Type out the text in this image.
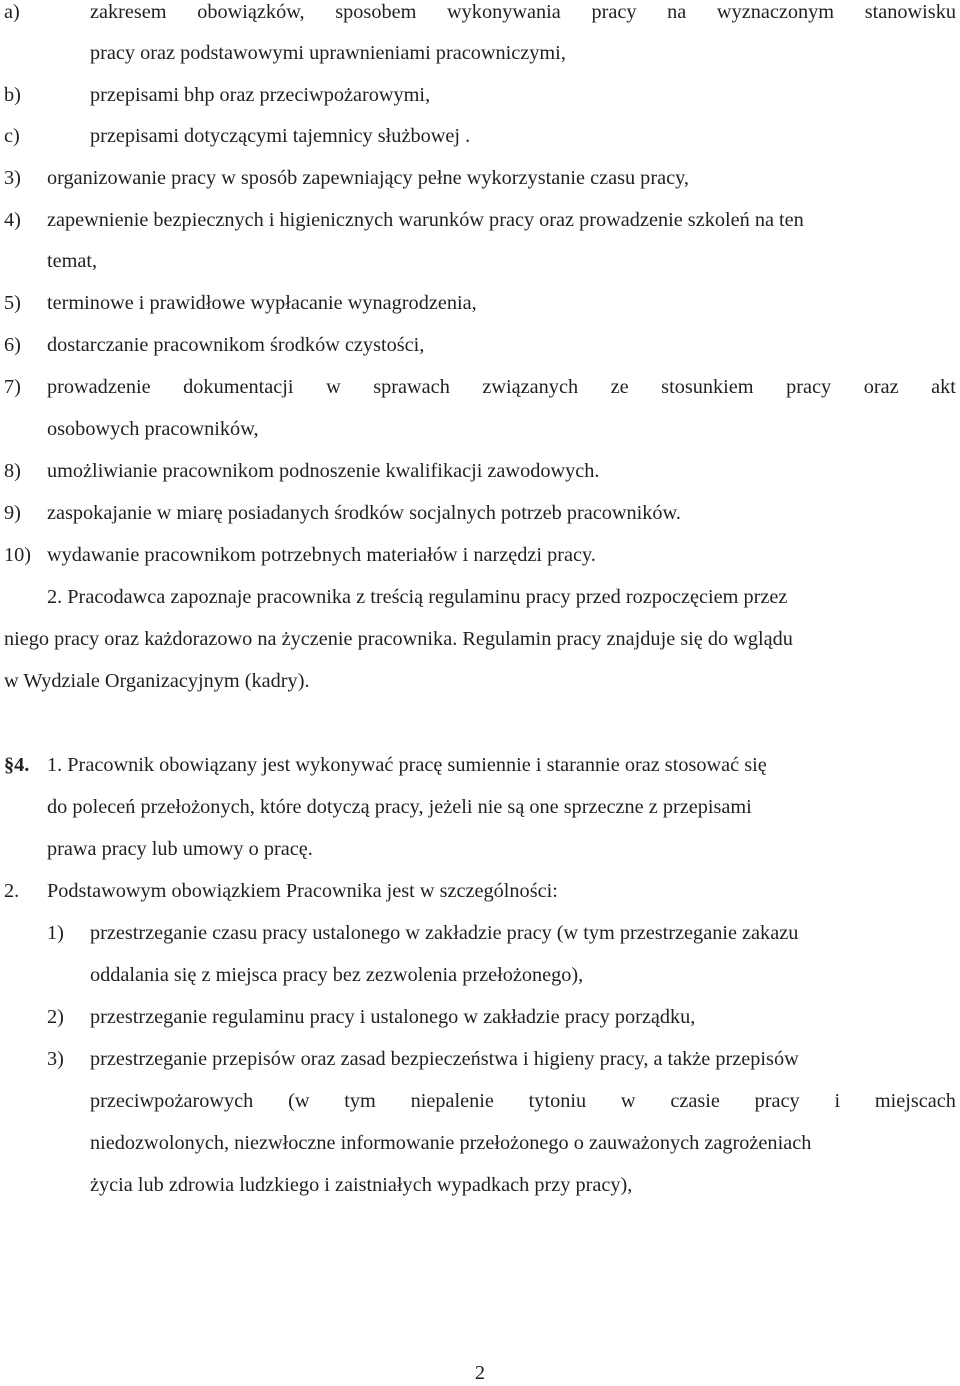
a)	zakresem obowiązków, sposobem wykonywania pracy na wyznaczonym stanowisku
pracy oraz podstawowymi uprawnieniami pracowniczymi,
b)	przepisami bhp oraz przeciwpożarowymi,
c)	przepisami dotyczącymi tajemnicy służbowej .
3) organizowanie pracy w sposób zapewniający pełne wykorzystanie czasu pracy,
4) zapewnienie bezpiecznych i higienicznych warunków pracy oraz prowadzenie szkoleń na ten
temat,
5) terminowe i prawidłowe wypłacanie wynagrodzenia,
6) dostarczanie pracownikom środków czystości,
7) prowadzenie dokumentacji w sprawach związanych ze stosunkiem pracy oraz akt
osobowych pracowników,
8) umożliwianie pracownikom podnoszenie kwalifikacji zawodowych.
9) zaspokajanie w miarę posiadanych środków socjalnych potrzeb pracowników.
10) wydawanie pracownikom potrzebnych materiałów i narzędzi pracy.
2. Pracodawca zapoznaje pracownika z treścią regulaminu pracy przed rozpoczęciem przez
niego pracy oraz każdorazowo na życzenie pracownika. Regulamin pracy znajduje się do wglądu
w Wydziale Organizacyjnym (kadry).
§4. 1. Pracownik obowiązany jest wykonywać pracę sumiennie i starannie oraz stosować się
do poleceń przełożonych, które dotyczą pracy, jeżeli nie są one sprzeczne z przepisami
prawa pracy lub umowy o pracę.
2. Podstawowym obowiązkiem Pracownika jest w szczególności:
1) przestrzeganie czasu pracy ustalonego w zakładzie pracy (w tym przestrzeganie zakazu
oddalania się z miejsca pracy bez zezwolenia przełożonego),
2) przestrzeganie regulaminu pracy i ustalonego w zakładzie pracy porządku,
3) przestrzeganie przepisów oraz zasad bezpieczeństwa i higieny pracy, a także przepisów
przeciwpożarowych (w tym niepalenie tytoniu w czasie pracy i miejscach
niedozwolonych, niezwłoczne informowanie przełożonego o zauważonych zagrożeniach
życia lub zdrowia ludzkiego i zaistniałych wypadkach przy pracy),
2
